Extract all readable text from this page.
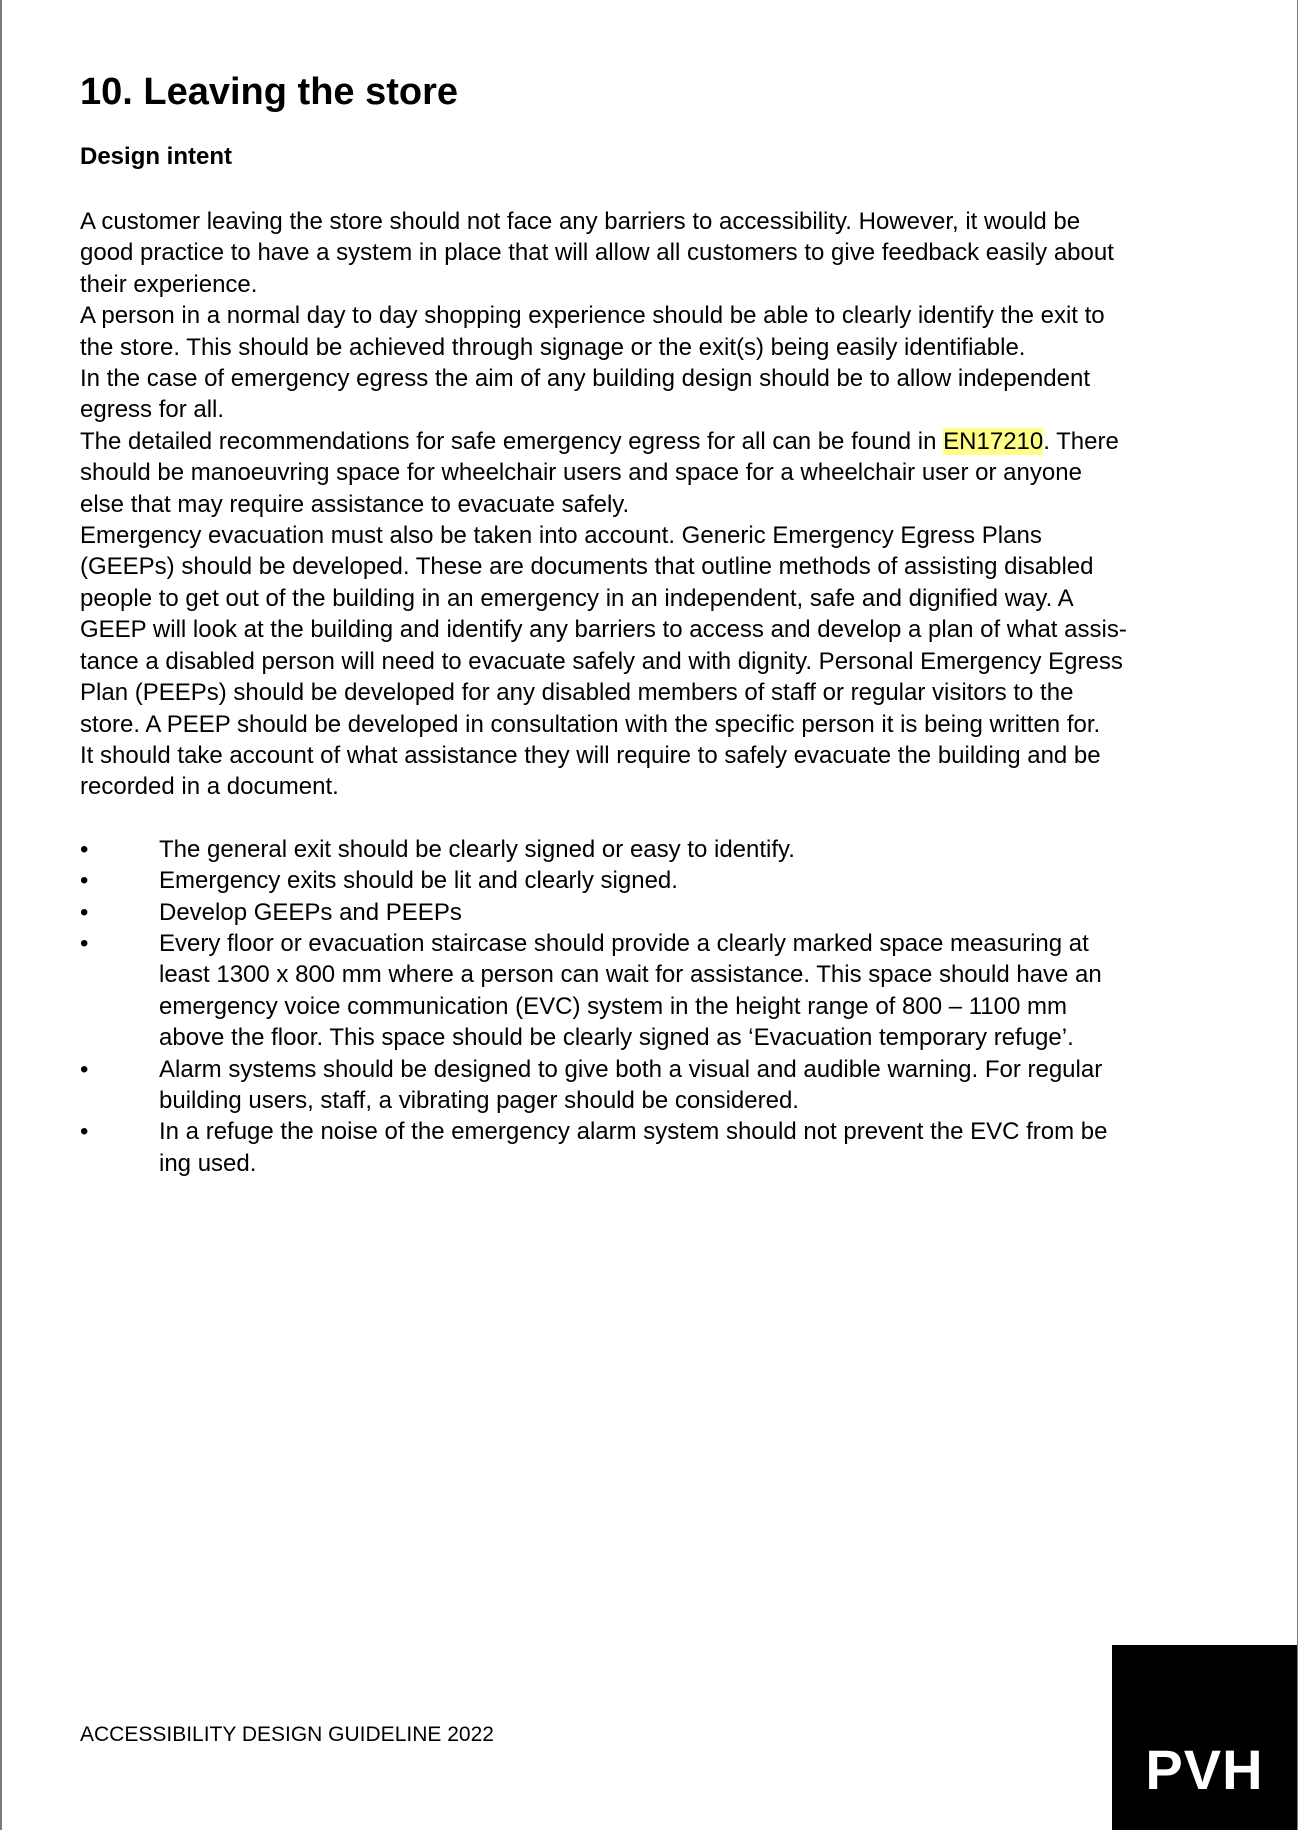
10. Leaving the store
Design intent

A customer leaving the store should not face any barriers to accessibility. However, it would be
good practice to have a system in place that will allow all customers to give feedback easily about
their experience.

A person in a normal day to day shopping experience should be able to clearly identify the exit to
the store. This should be achieved through signage or the exit(s) being easily identifiable.

In the case of emergency egress the aim of any building design should be to allow independent
egress for all.

The detailed recommendations for safe emergency egress for all can be found in EN17210. There
should be manoeuvring space for wheelchair users and space for a wheelchair user or anyone
else that may require assistance to evacuate safely.

Emergency evacuation must also be taken into account. Generic Emergency Egress Plans
(GEEPs) should be developed. These are documents that outline methods of assisting disabled
people to get out of the building in an emergency in an independent, safe and dignified way. A
GEEP will look at the building and identify any barriers to access and develop a plan of what assis-
tance a disabled person will need to evacuate safely and with dignity. Personal Emergency Egress
Plan (PEEPs) should be developed for any disabled members of staff or regular visitors to the
store. A PEEP should be developed in consultation with the specific person it is being written for.
It should take account of what assistance they will require to safely evacuate the building and be
recorded in a document.

•	The general exit should be clearly signed or easy to identify.
•	Emergency exits should be lit and clearly signed.
•	Develop GEEPs and PEEPs
•	Every floor or evacuation staircase should provide a clearly marked space measuring at
least 1300 x 800 mm where a person can wait for assistance. This space should have an
emergency voice communication (EVC) system in the height range of 800 – 1100 mm
above the floor. This space should be clearly signed as ‘Evacuation temporary refuge’.
•	Alarm systems should be designed to give both a visual and audible warning. For regular
building users, staff, a vibrating pager should be considered.
•	In a refuge the noise of the emergency alarm system should not prevent the EVC from be
ing used.
ACCESSIBILITY DESIGN GUIDELINE 2022
PVH
